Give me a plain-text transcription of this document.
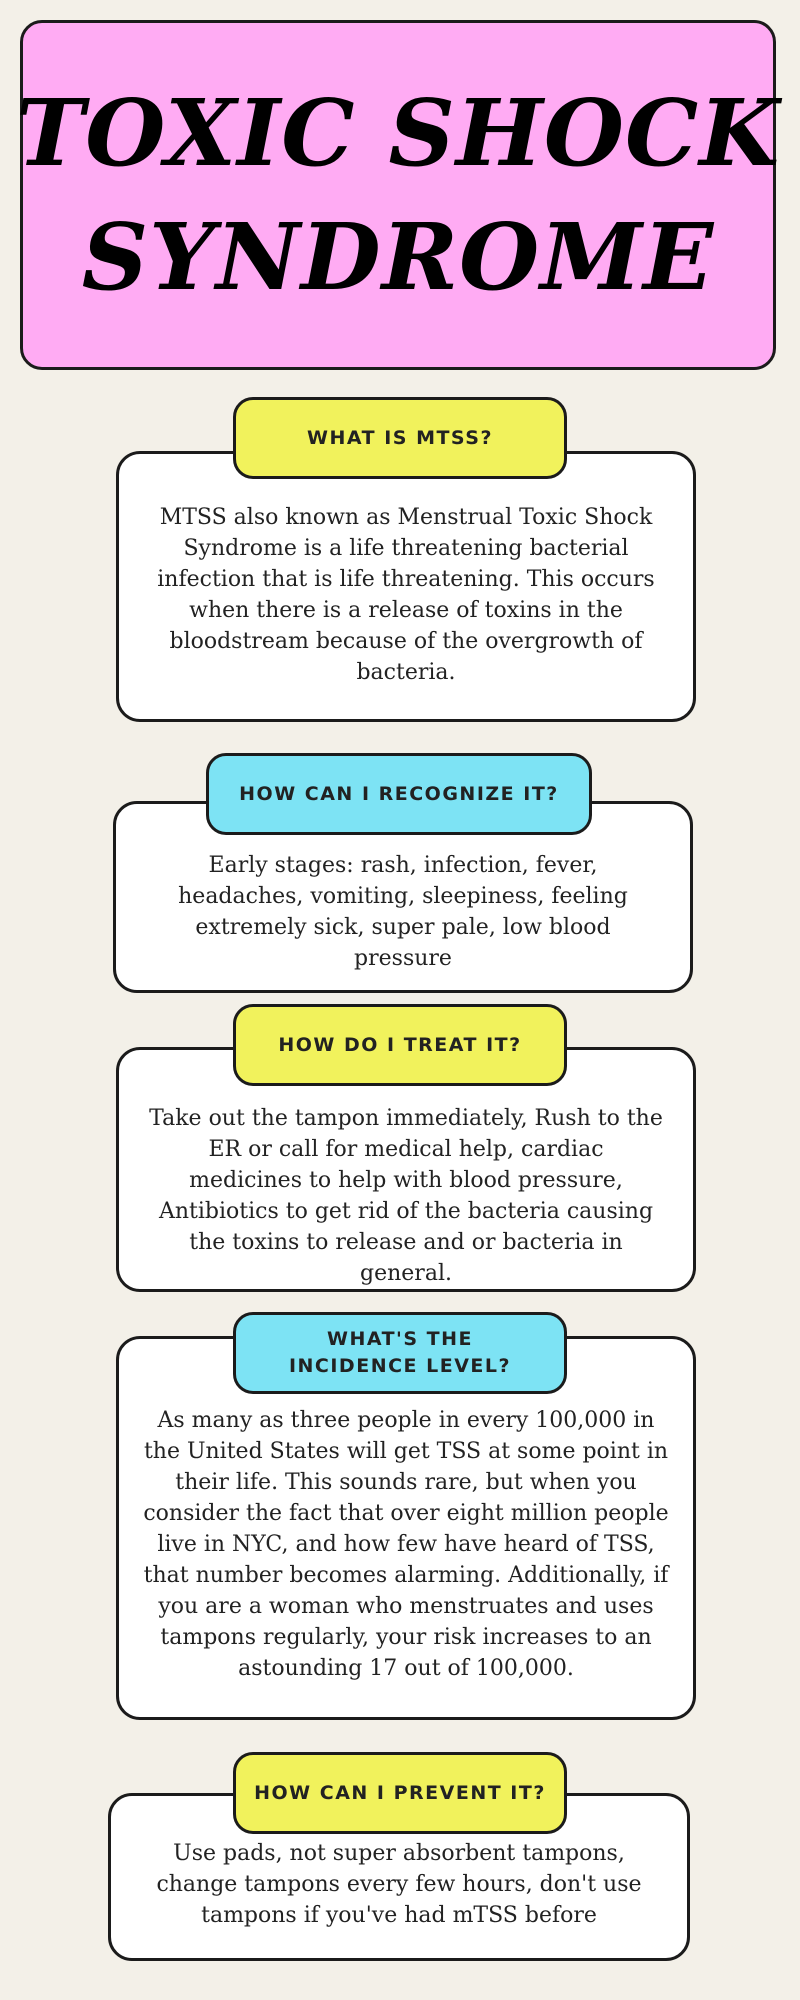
TOXIC SHOCK
SYNDROME
MTSS also known as Menstrual Toxic Shock Syndrome is a life threatening bacterial infection that is life threatening. This occurs when there is a release of toxins in the bloodstream because of the overgrowth of bacteria.
WHAT IS MTSS?
Early stages: rash, infection, fever, headaches, vomiting, sleepiness, feeling extremely sick, super pale, low blood pressure
HOW CAN I RECOGNIZE IT?
Take out the tampon immediately, Rush to the ER or call for medical help, cardiac medicines to help with blood pressure, Antibiotics to get rid of the bacteria causing the toxins to release and or bacteria in general.
HOW DO I TREAT IT?
As many as three people in every 100,000 in the United States will get TSS at some point in their life. This sounds rare, but when you consider the fact that over eight million people live in NYC, and how few have heard of TSS, that number becomes alarming. Additionally, if you are a woman who menstruates and uses tampons regularly, your risk increases to an astounding 17 out of 100,000.
WHAT'S THE
INCIDENCE LEVEL?
Use pads, not super absorbent tampons, change tampons every few hours, don't use tampons if you've had mTSS before
HOW CAN I PREVENT IT?
